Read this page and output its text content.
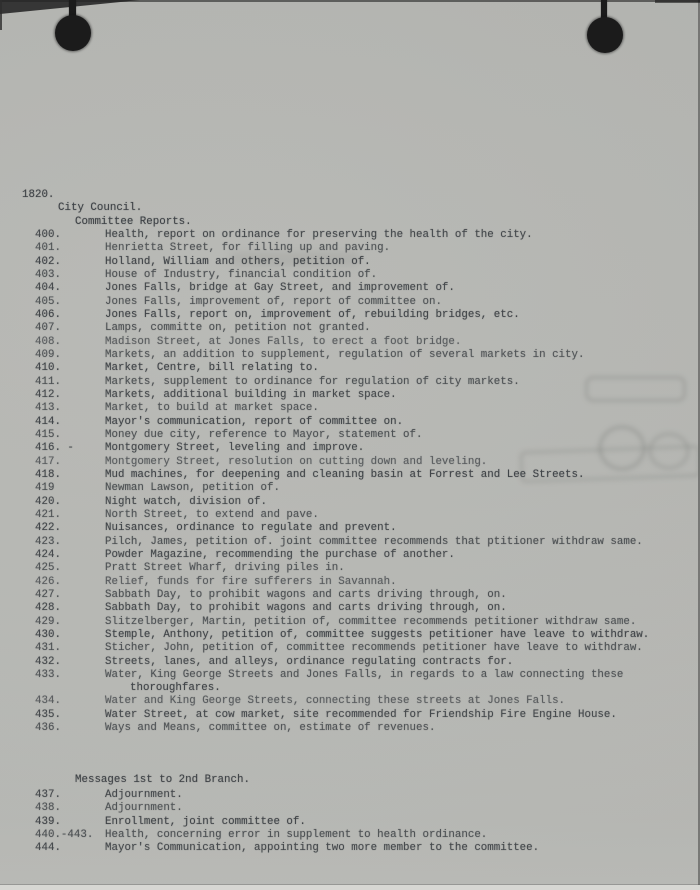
1820.
City Council.
Committee Reports.
400.	Health, report on ordinance for preserving the health of the city.
401.	Henrietta Street, for filling up and paving.
402.	Holland, William and others, petition of.
403.	House of Industry, financial condition of.
404.	Jones Falls, bridge at Gay Street, and improvement of.
405.	Jones Falls, improvement of, report of committee on.
406.	Jones Falls, report on, improvement of, rebuilding bridges, etc.
407.	Lamps, committe on, petition not granted.
408.	Madison Street, at Jones Falls, to erect a foot bridge.
409.	Markets, an addition to supplement, regulation of several markets in city.
410.	Market, Centre, bill relating to.
411.	Markets, supplement to ordinance for regulation of city markets.
412.	Markets, additional building in market space.
413.	Market, to build at market space.
414.	Mayor's communication, report of committee on.
415.	Money due city, reference to Mayor, statement of.
416. -	Montgomery Street, leveling and improve.
417.	Montgomery Street, resolution on cutting down and leveling.
418.	Mud machines, for deepening and cleaning basin at Forrest and Lee Streets.
419	Newman Lawson, petition of.
420.	Night watch, division of.
421.	North Street, to extend and pave.
422.	Nuisances, ordinance to regulate and prevent.
423.	Pilch, James, petition of. joint committee recommends that ptitioner withdraw same.
424.	Powder Magazine, recommending the purchase of another.
425.	Pratt Street Wharf, driving piles in.
426.	Relief, funds for fire sufferers in Savannah.
427.	Sabbath Day, to prohibit wagons and carts driving through, on.
428.	Sabbath Day, to prohibit wagons and carts driving through, on.
429.	Slitzelberger, Martin, petition of, committee recommends petitioner withdraw same.
430.	Stemple, Anthony, petition of, committee suggests petitioner have leave to withdraw.
431.	Sticher, John, petition of, committee recommends petitioner have leave to withdraw.
432.	Streets, lanes, and alleys, ordinance regulating contracts for.
433.	Water, King George Streets and Jones Falls, in regards to a law connecting these
thoroughfares.
434.	Water and King George Streets, connecting these streets at Jones Falls.
435.	Water Street, at cow market, site recommended for Friendship Fire Engine House.
436.	Ways and Means, committee on, estimate of revenues.
Messages 1st to 2nd Branch.
437.	Adjournment.
438.	Adjournment.
439.	Enrollment, joint committee of.
440.-443.	Health, concerning error in supplement to health ordinance.
444.	Mayor's Communication, appointing two more member to the committee.
